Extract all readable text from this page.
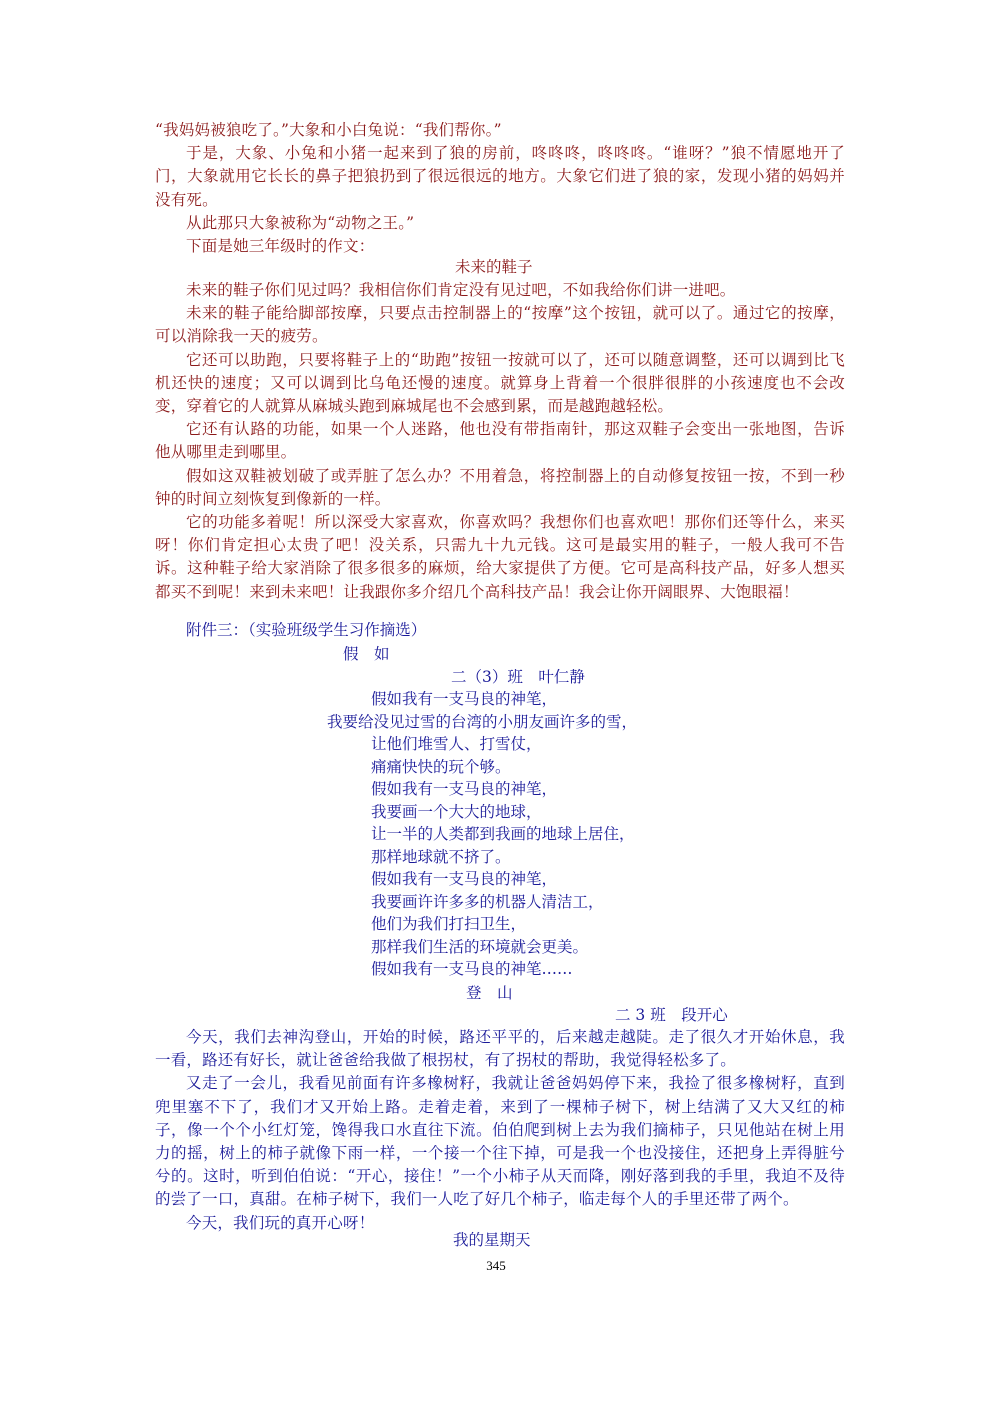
“我妈妈被狼吃了。”大象和小白兔说：“我们帮你。”

于是，大象、小兔和小猪一起来到了狼的房前，咚咚咚，咚咚咚。“谁呀？”狼不情愿地开了门，大象就用它长长的鼻子把狼扔到了很远很远的地方。大象它们进了狼的家，发现小猪的妈妈并没有死。

从此那只大象被称为“动物之王。”

下面是她三年级时的作文：

未来的鞋子

未来的鞋子你们见过吗？我相信你们肯定没有见过吧，不如我给你们讲一进吧。

未来的鞋子能给脚部按摩，只要点击控制器上的“按摩”这个按钮，就可以了。通过它的按摩，可以消除我一天的疲劳。

它还可以助跑，只要将鞋子上的“助跑”按钮一按就可以了，还可以随意调整，还可以调到比飞机还快的速度；又可以调到比乌龟还慢的速度。就算身上背着一个很胖很胖的小孩速度也不会改变，穿着它的人就算从麻城头跑到麻城尾也不会感到累，而是越跑越轻松。

它还有认路的功能，如果一个人迷路，他也没有带指南针，那这双鞋子会变出一张地图，告诉他从哪里走到哪里。

假如这双鞋被划破了或弄脏了怎么办？不用着急，将控制器上的自动修复按钮一按，不到一秒钟的时间立刻恢复到像新的一样。

它的功能多着呢！所以深受大家喜欢，你喜欢吗？我想你们也喜欢吧！那你们还等什么，来买呀！你们肯定担心太贵了吧！没关系，只需九十九元钱。这可是最实用的鞋子，一般人我可不告诉。这种鞋子给大家消除了很多很多的麻烦，给大家提供了方便。它可是高科技产品，好多人想买都买不到呢！来到未来吧！让我跟你多介绍几个高科技产品！我会让你开阔眼界、大饱眼福！

附件三：（实验班级学生习作摘选）
假　如
二（3）班　叶仁静
假如我有一支马良的神笔，
我要给没见过雪的台湾的小朋友画许多的雪，
让他们堆雪人、打雪仗，
痛痛快快的玩个够。
假如我有一支马良的神笔，
我要画一个大大的地球，
让一半的人类都到我画的地球上居住，
那样地球就不挤了。
假如我有一支马良的神笔，
我要画许许多多的机器人清洁工，
他们为我们打扫卫生，
那样我们生活的环境就会更美。
假如我有一支马良的神笔……
登　山
二 3 班　段开心

今天，我们去神沟登山，开始的时候，路还平平的，后来越走越陡。走了很久才开始休息，我一看，路还有好长，就让爸爸给我做了根拐杖，有了拐杖的帮助，我觉得轻松多了。

又走了一会儿，我看见前面有许多橡树籽，我就让爸爸妈妈停下来，我捡了很多橡树籽，直到兜里塞不下了，我们才又开始上路。走着走着，来到了一棵柿子树下，树上结满了又大又红的柿子，像一个个小红灯笼，馋得我口水直往下流。伯伯爬到树上去为我们摘柿子，只见他站在树上用力的摇，树上的柿子就像下雨一样，一个接一个往下掉，可是我一个也没接住，还把身上弄得脏兮兮的。这时，听到伯伯说：“开心，接住！”一个小柿子从天而降，刚好落到我的手里，我迫不及待的尝了一口，真甜。在柿子树下，我们一人吃了好几个柿子，临走每个人的手里还带了两个。

今天，我们玩的真开心呀！

我的星期天
345
